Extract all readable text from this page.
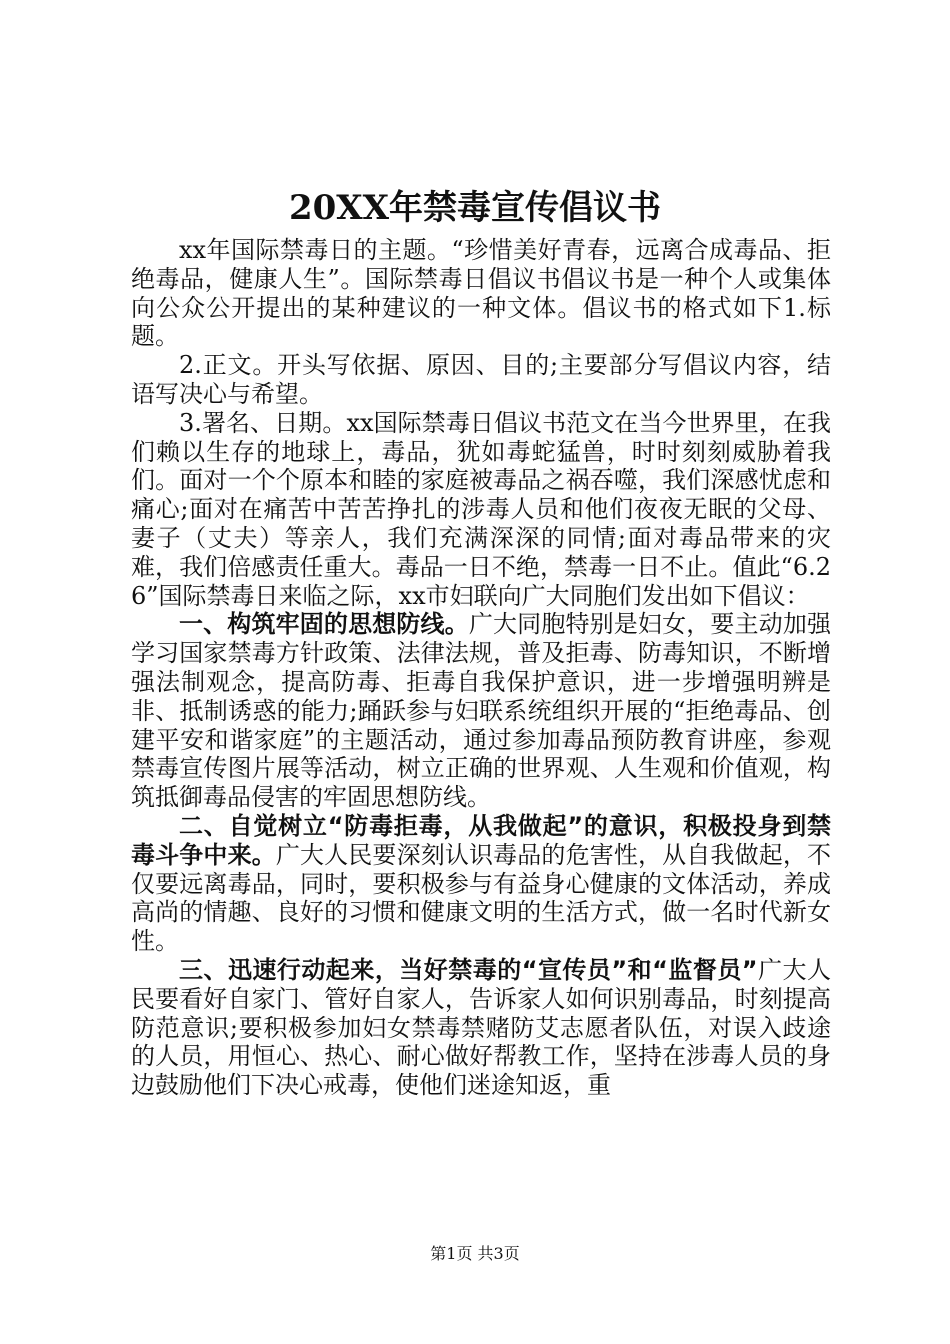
20XX年禁毒宣传倡议书

xx年国际禁毒日的主题。“珍惜美好青春，远离合成毒品、拒绝毒品，健康人生”。国际禁毒日倡议书倡议书是一种个人或集体向公众公开提出的某种建议的一种文体。倡议书的格式如下1.标题。

2.正文。开头写依据、原因、目的;主要部分写倡议内容，结语写决心与希望。

3.署名、日期。xx国际禁毒日倡议书范文在当今世界里，在我们赖以生存的地球上，毒品，犹如毒蛇猛兽，时时刻刻威胁着我们。面对一个个原本和睦的家庭被毒品之祸吞噬，我们深感忧虑和痛心;面对在痛苦中苦苦挣扎的涉毒人员和他们夜夜无眠的父母、妻子（丈夫）等亲人，我们充满深深的同情;面对毒品带来的灾难，我们倍感责任重大。毒品一日不绝，禁毒一日不止。值此“6.26”国际禁毒日来临之际，xx市妇联向广大同胞们发出如下倡议：

一、构筑牢固的思想防线。广大同胞特别是妇女，要主动加强学习国家禁毒方针政策、法律法规，普及拒毒、防毒知识，不断增强法制观念，提高防毒、拒毒自我保护意识，进一步增强明辨是非、抵制诱惑的能力;踊跃参与妇联系统组织开展的“拒绝毒品、创建平安和谐家庭”的主题活动，通过参加毒品预防教育讲座，参观禁毒宣传图片展等活动，树立正确的世界观、人生观和价值观，构筑抵御毒品侵害的牢固思想防线。

二、自觉树立“防毒拒毒，从我做起”的意识，积极投身到禁毒斗争中来。广大人民要深刻认识毒品的危害性，从自我做起，不仅要远离毒品，同时，要积极参与有益身心健康的文体活动，养成高尚的情趣、良好的习惯和健康文明的生活方式，做一名时代新女性。

三、迅速行动起来，当好禁毒的“宣传员”和“监督员”广大人民要看好自家门、管好自家人，告诉家人如何识别毒品，时刻提高防范意识;要积极参加妇女禁毒禁赌防艾志愿者队伍，对误入歧途的人员，用恒心、热心、耐心做好帮教工作，坚持在涉毒人员的身边鼓励他们下决心戒毒，使他们迷途知返，重

第1页 共3页
